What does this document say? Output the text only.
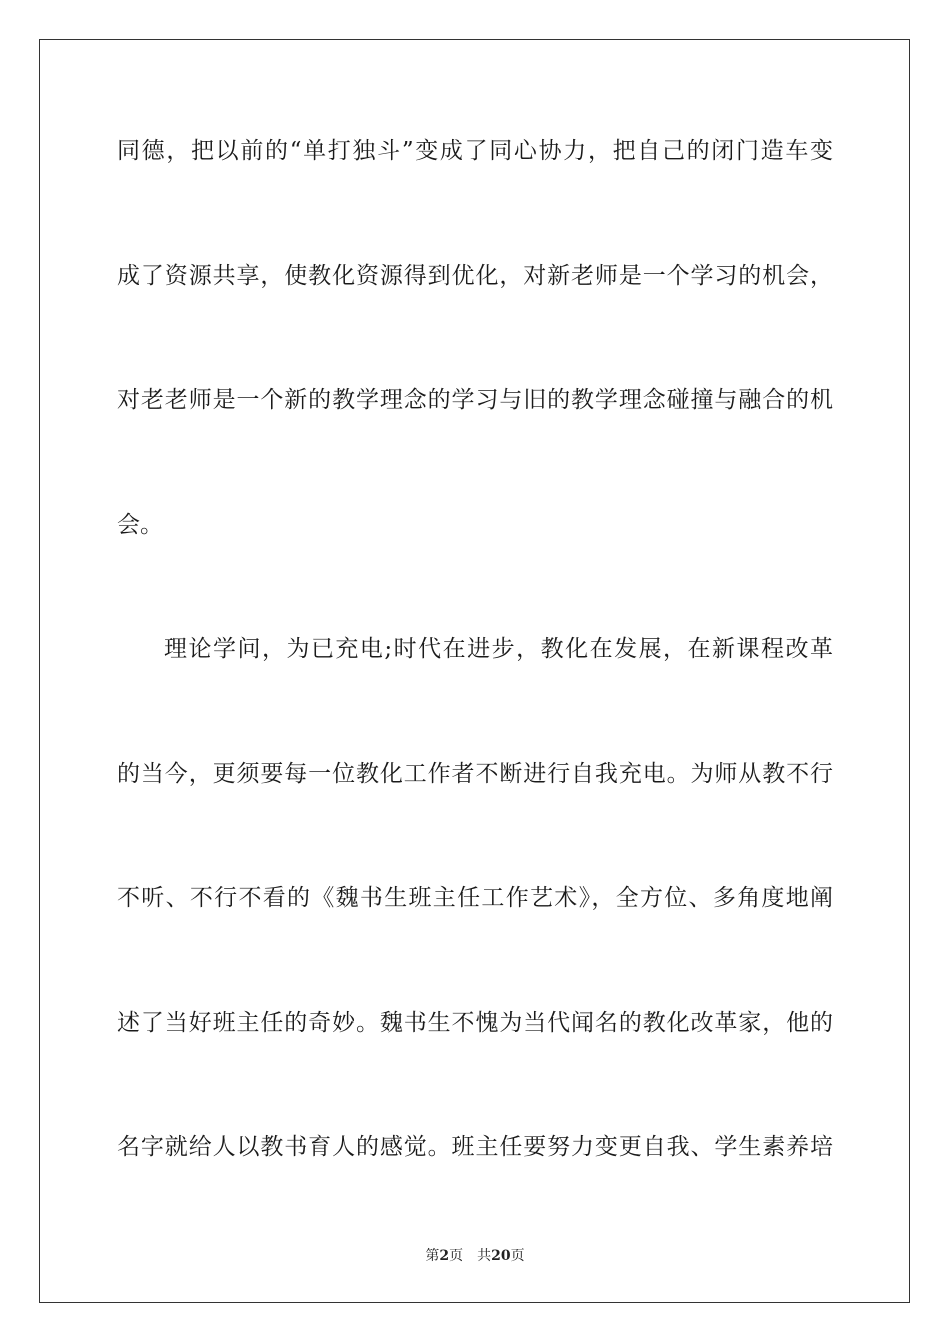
同德，把以前的“单打独斗”变成了同心协力，把自己的闭门造车变
成了资源共享，使教化资源得到优化，对新老师是一个学习的机会，
对老老师是一个新的教学理念的学习与旧的教学理念碰撞与融合的机
会。
理论学问，为已充电;时代在进步，教化在发展，在新课程改革
的当今，更须要每一位教化工作者不断进行自我充电。为师从教不行
不听、不行不看的《魏书生班主任工作艺术》，全方位、多角度地阐
述了当好班主任的奇妙。魏书生不愧为当代闻名的教化改革家，他的
名字就给人以教书育人的感觉。班主任要努力变更自我、学生素养培
第2页 共20页
